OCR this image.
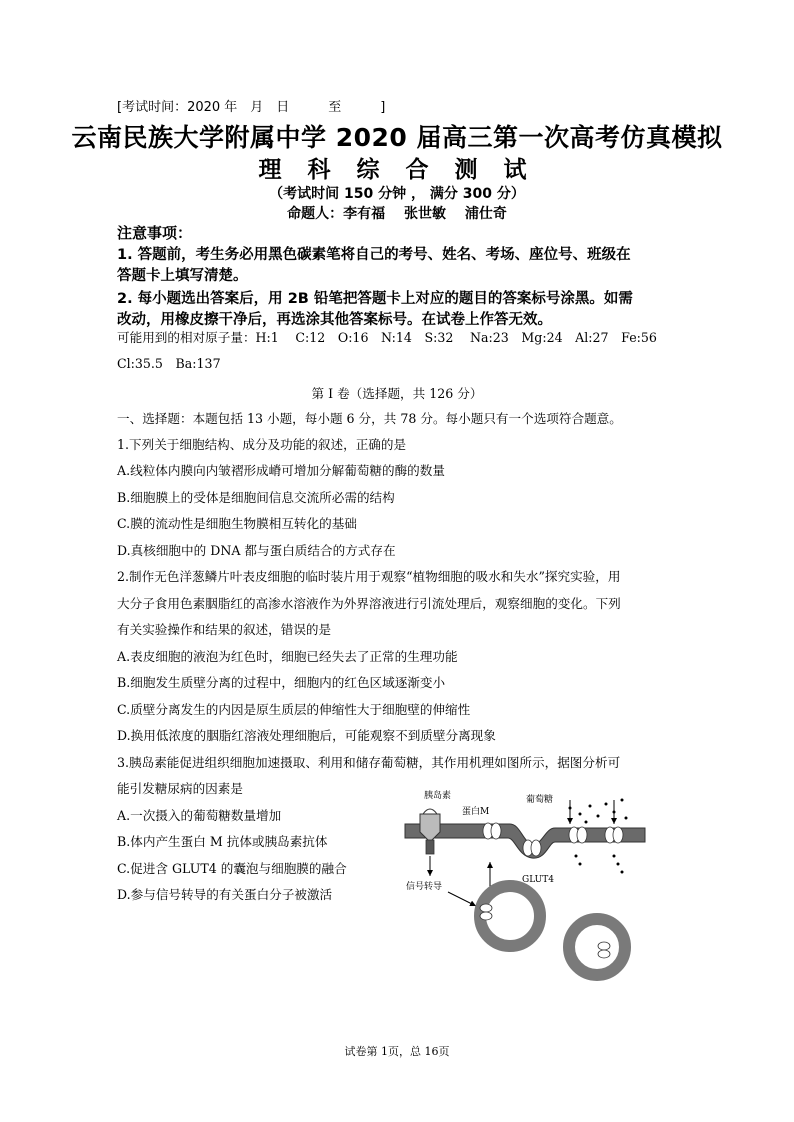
[考试时间：2020 年　月　日　　　至　　　]
云南民族大学附属中学 2020 届高三第一次高考仿真模拟
理 科 综 合 测 试
（考试时间 150 分钟 ， 满分 300 分）
命题人：李有福　 张世敏　 浦仕奇
注意事项：
1. 答题前，考生务必用黑色碳素笔将自己的考号、姓名、考场、座位号、班级在
答题卡上填写清楚。
2. 每小题选出答案后，用 2B 铅笔把答题卡上对应的题目的答案标号涂黑。如需
改动，用橡皮擦干净后，再选涂其他答案标号。在试卷上作答无效。
可能用到的相对原子量：H:1　 C:12　O:16　N:14　S:32　 Na:23　Mg:24　Al:27　Fe:56
Cl:35.5　Ba:137
第 I 卷（选择题，共 126 分）
一、选择题：本题包括 13 小题，每小题 6 分，共 78 分。每小题只有一个选项符合题意。
1.下列关于细胞结构、成分及功能的叙述，正确的是
A.线粒体内膜向内皱褶形成嵴可增加分解葡萄糖的酶的数量
B.细胞膜上的受体是细胞间信息交流所必需的结构
C.膜的流动性是细胞生物膜相互转化的基础
D.真核细胞中的 DNA 都与蛋白质结合的方式存在
2.制作无色洋葱鳞片叶表皮细胞的临时装片用于观察“植物细胞的吸水和失水”探究实验，用
大分子食用色素胭脂红的高渗水溶液作为外界溶液进行引流处理后，观察细胞的变化。下列
有关实验操作和结果的叙述，错误的是
A.表皮细胞的液泡为红色时，细胞已经失去了正常的生理功能
B.细胞发生质壁分离的过程中，细胞内的红色区域逐渐变小
C.质壁分离发生的内因是原生质层的伸缩性大于细胞壁的伸缩性
D.换用低浓度的胭脂红溶液处理细胞后，可能观察不到质壁分离现象
3.胰岛素能促进组织细胞加速摄取、利用和储存葡萄糖，其作用机理如图所示，据图分析可
能引发糖尿病的因素是
A.一次摄入的葡萄糖数量增加
B.体内产生蛋白 M 抗体或胰岛素抗体
C.促进含 GLUT4 的囊泡与细胞膜的融合
D.参与信号转导的有关蛋白分子被激活
胰岛素
蛋白M
葡萄糖
信号转导
GLUT4
试卷第 1页，总 16页
